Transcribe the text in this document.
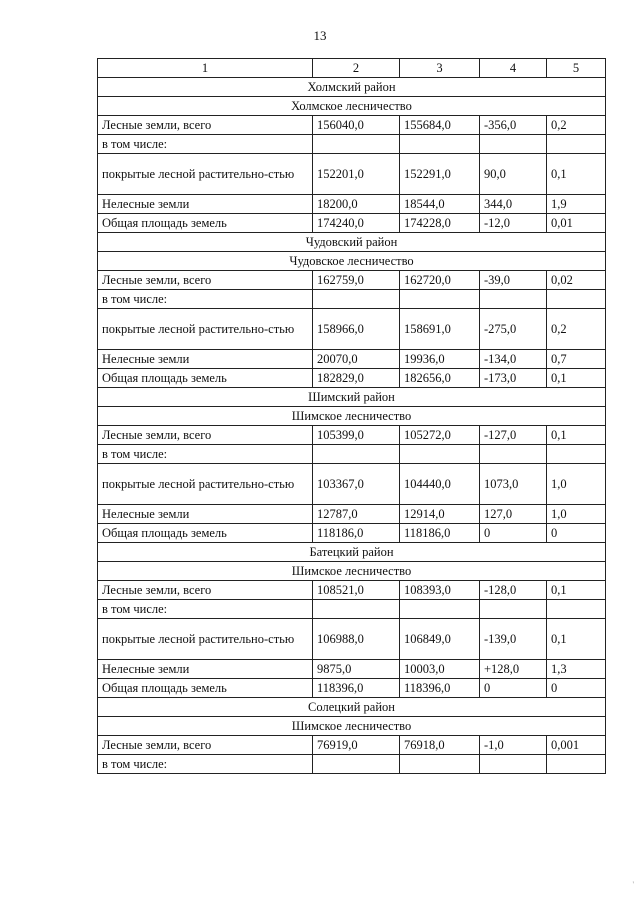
13
1	2	3	4	5
Холмский район				
Холмское лесничество				
Лесные земли, всего	156040,0	155684,0	-356,0	0,2
в том числе:				
покрытые лесной растительно-стью	152201,0	152291,0	90,0	0,1
Нелесные земли	18200,0	18544,0	344,0	1,9
Общая площадь земель	174240,0	174228,0	-12,0	0,01
Чудовский район				
Чудовское лесничество				
Лесные земли, всего	162759,0	162720,0	-39,0	0,02
в том числе:				
покрытые лесной растительно-стью	158966,0	158691,0	-275,0	0,2
Нелесные земли	20070,0	19936,0	-134,0	0,7
Общая площадь земель	182829,0	182656,0	-173,0	0,1
Шимский район				
Шимское лесничество				
Лесные земли, всего	105399,0	105272,0	-127,0	0,1
в том числе:				
покрытые лесной растительно-стью	103367,0	104440,0	1073,0	1,0
Нелесные земли	12787,0	12914,0	127,0	1,0
Общая площадь земель	118186,0	118186,0	0	0
Батецкий район				
Шимское лесничество				
Лесные земли, всего	108521,0	108393,0	-128,0	0,1
в том числе:				
покрытые лесной растительно-стью	106988,0	106849,0	-139,0	0,1
Нелесные земли	9875,0	10003,0	+128,0	1,3
Общая площадь земель	118396,0	118396,0	0	0
Солецкий район				
Шимское лесничество				
Лесные земли, всего	76919,0	76918,0	-1,0	0,001
в том числе:				
'
